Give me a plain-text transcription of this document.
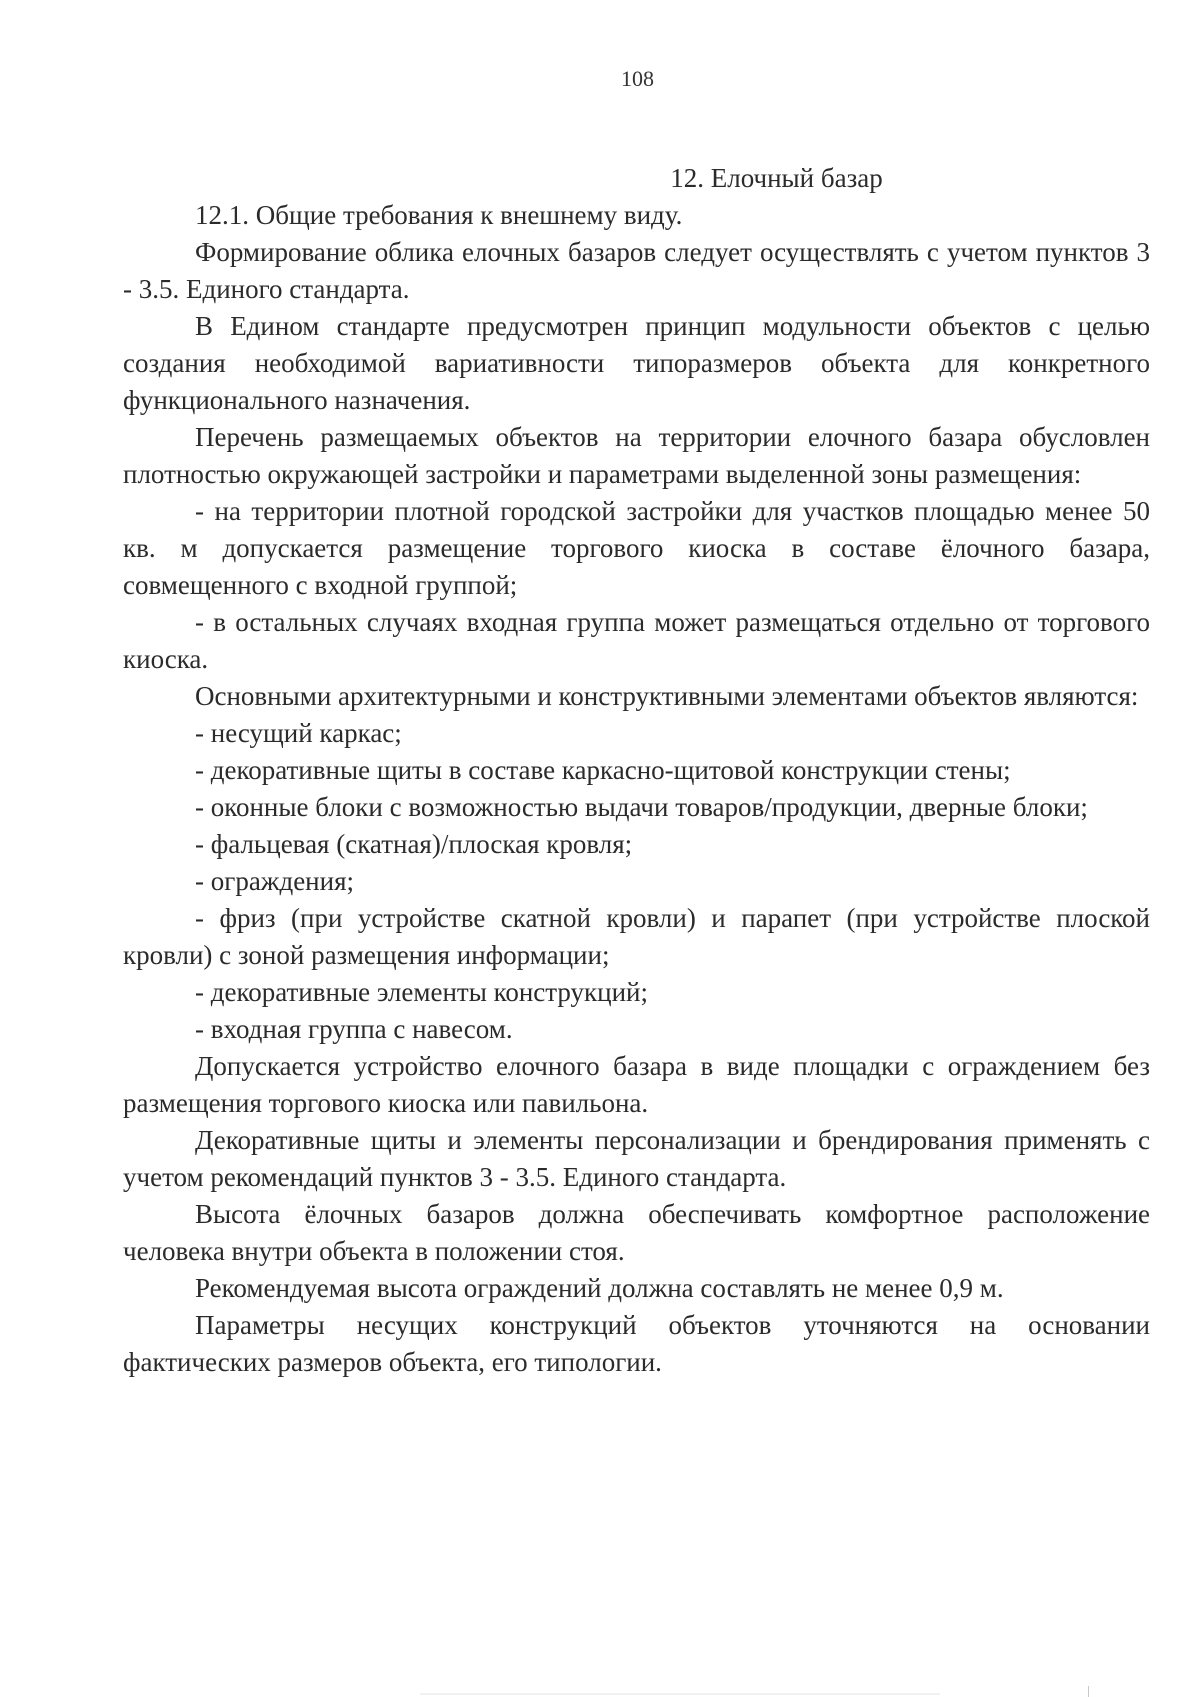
108

12. Елочный базар

12.1. Общие требования к внешнему виду.

Формирование облика елочных базаров следует осуществлять с учетом пунктов 3 - 3.5. Единого стандарта.

В Едином стандарте предусмотрен принцип модульности объектов с целью создания необходимой вариативности типоразмеров объекта для конкретного функционального назначения.

Перечень размещаемых объектов на территории елочного базара обусловлен плотностью окружающей застройки и параметрами выделенной зоны размещения:

- на территории плотной городской застройки для участков площадью менее 50 кв. м допускается размещение торгового киоска в составе ёлочного базара, совмещенного с входной группой;

- в остальных случаях входная группа может размещаться отдельно от торгового киоска.

Основными архитектурными и конструктивными элементами объектов являются:

- несущий каркас;

- декоративные щиты в составе каркасно-щитовой конструкции стены;

- оконные блоки с возможностью выдачи товаров/продукции, дверные блоки;

- фальцевая (скатная)/плоская кровля;

- ограждения;

- фриз (при устройстве скатной кровли) и парапет (при устройстве плоской кровли) с зоной размещения информации;

- декоративные элементы конструкций;

- входная группа с навесом.

Допускается устройство елочного базара в виде площадки с ограждением без размещения торгового киоска или павильона.

Декоративные щиты и элементы персонализации и брендирования применять с учетом рекомендаций пунктов 3 - 3.5. Единого стандарта.

Высота ёлочных базаров должна обеспечивать комфортное расположение человека внутри объекта в положении стоя.

Рекомендуемая высота ограждений должна составлять не менее 0,9 м.

Параметры несущих конструкций объектов уточняются на основании фактических размеров объекта, его типологии.
